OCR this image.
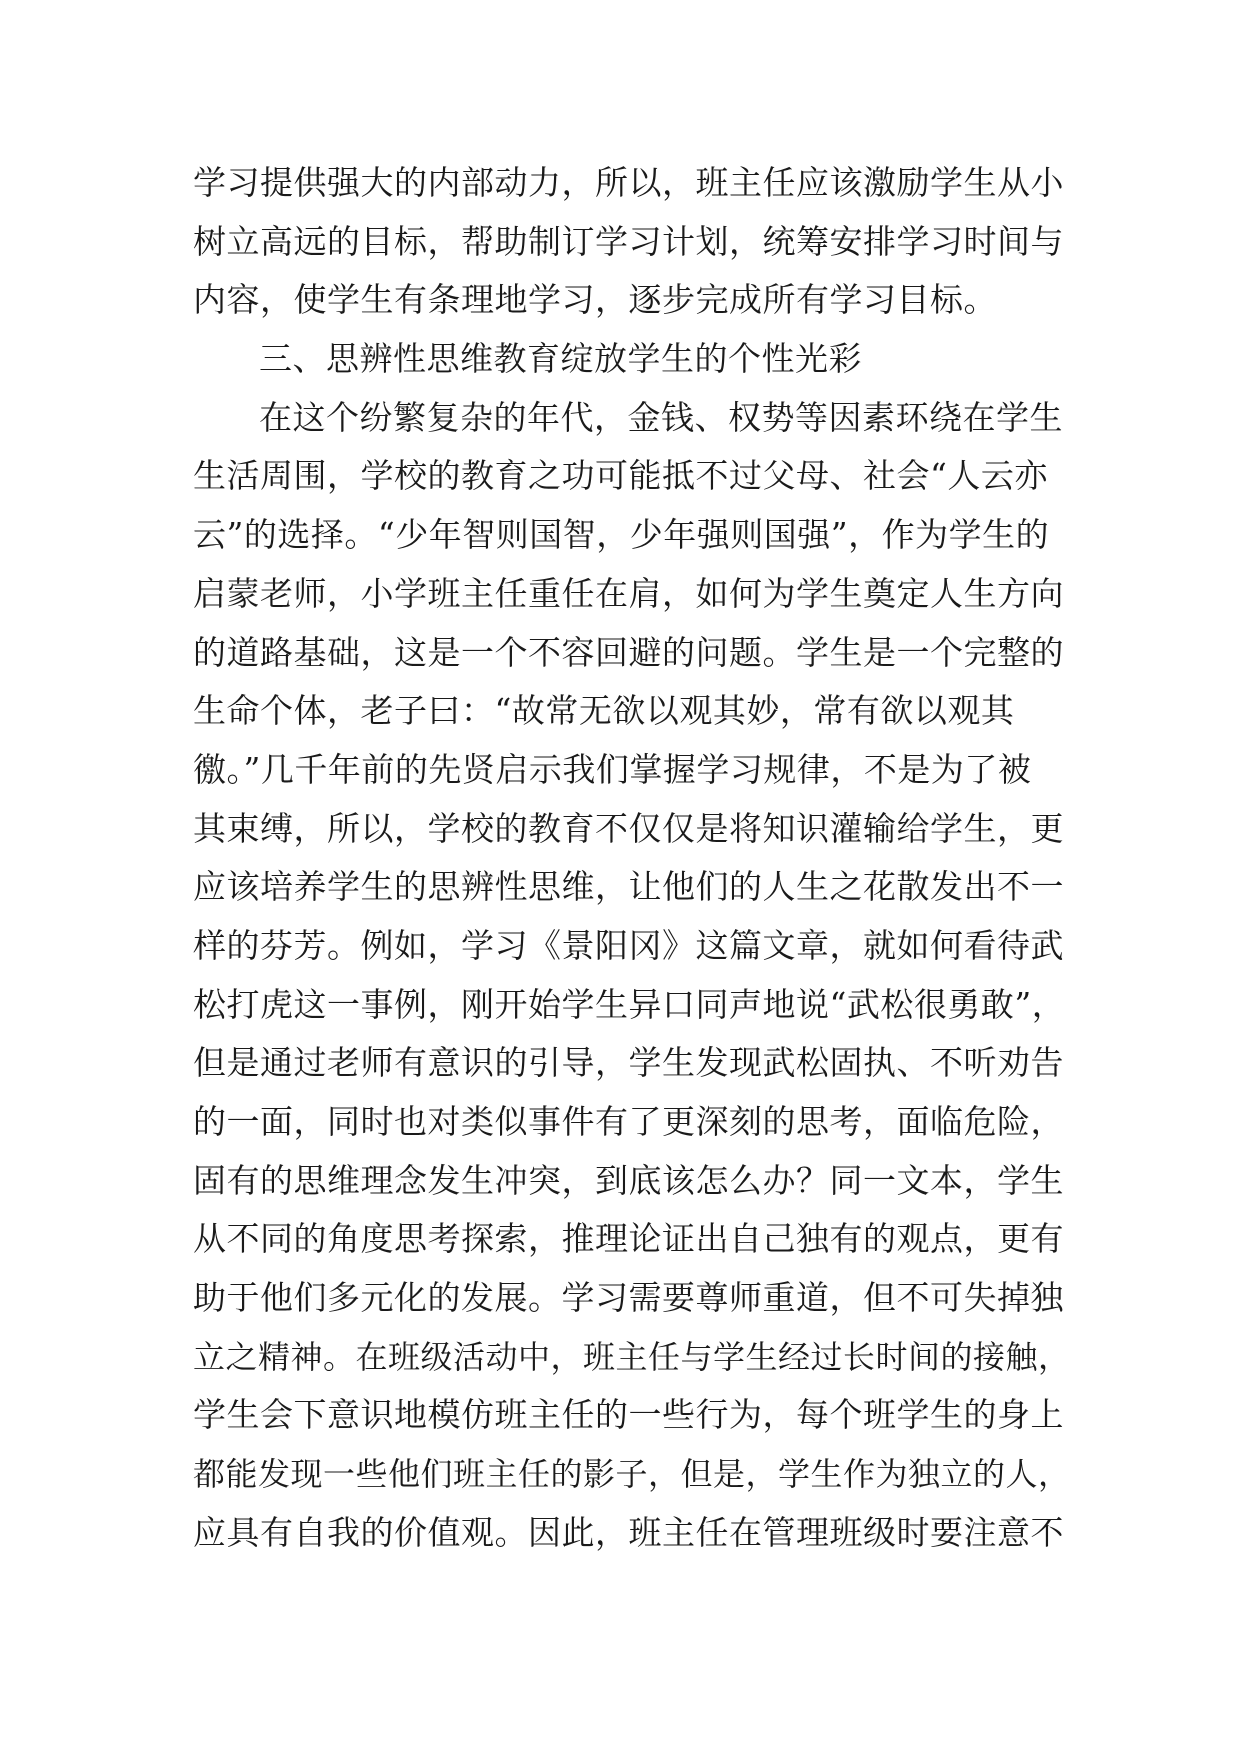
学习提供强大的内部动力，所以，班主任应该激励学生从小
树立高远的目标，帮助制订学习计划，统筹安排学习时间与
内容，使学生有条理地学习，逐步完成所有学习目标。
三、思辨性思维教育绽放学生的个性光彩
在这个纷繁复杂的年代，金钱、权势等因素环绕在学生
生活周围，学校的教育之功可能抵不过父母、社会“人云亦
云”的选择。“少年智则国智，少年强则国强”，作为学生的
启蒙老师，小学班主任重任在肩，如何为学生奠定人生方向
的道路基础，这是一个不容回避的问题。学生是一个完整的
生命个体，老子曰：“故常无欲以观其妙，常有欲以观其
徼。”几千年前的先贤启示我们掌握学习规律，不是为了被
其束缚，所以，学校的教育不仅仅是将知识灌输给学生，更
应该培养学生的思辨性思维，让他们的人生之花散发出不一
样的芬芳。例如，学习《景阳冈》这篇文章，就如何看待武
松打虎这一事例，刚开始学生异口同声地说“武松很勇敢”，
但是通过老师有意识的引导，学生发现武松固执、不听劝告
的一面，同时也对类似事件有了更深刻的思考，面临危险，
固有的思维理念发生冲突，到底该怎么办？同一文本，学生
从不同的角度思考探索，推理论证出自己独有的观点，更有
助于他们多元化的发展。学习需要尊师重道，但不可失掉独
立之精神。在班级活动中，班主任与学生经过长时间的接触，
学生会下意识地模仿班主任的一些行为，每个班学生的身上
都能发现一些他们班主任的影子，但是，学生作为独立的人，
应具有自我的价值观。因此，班主任在管理班级时要注意不
